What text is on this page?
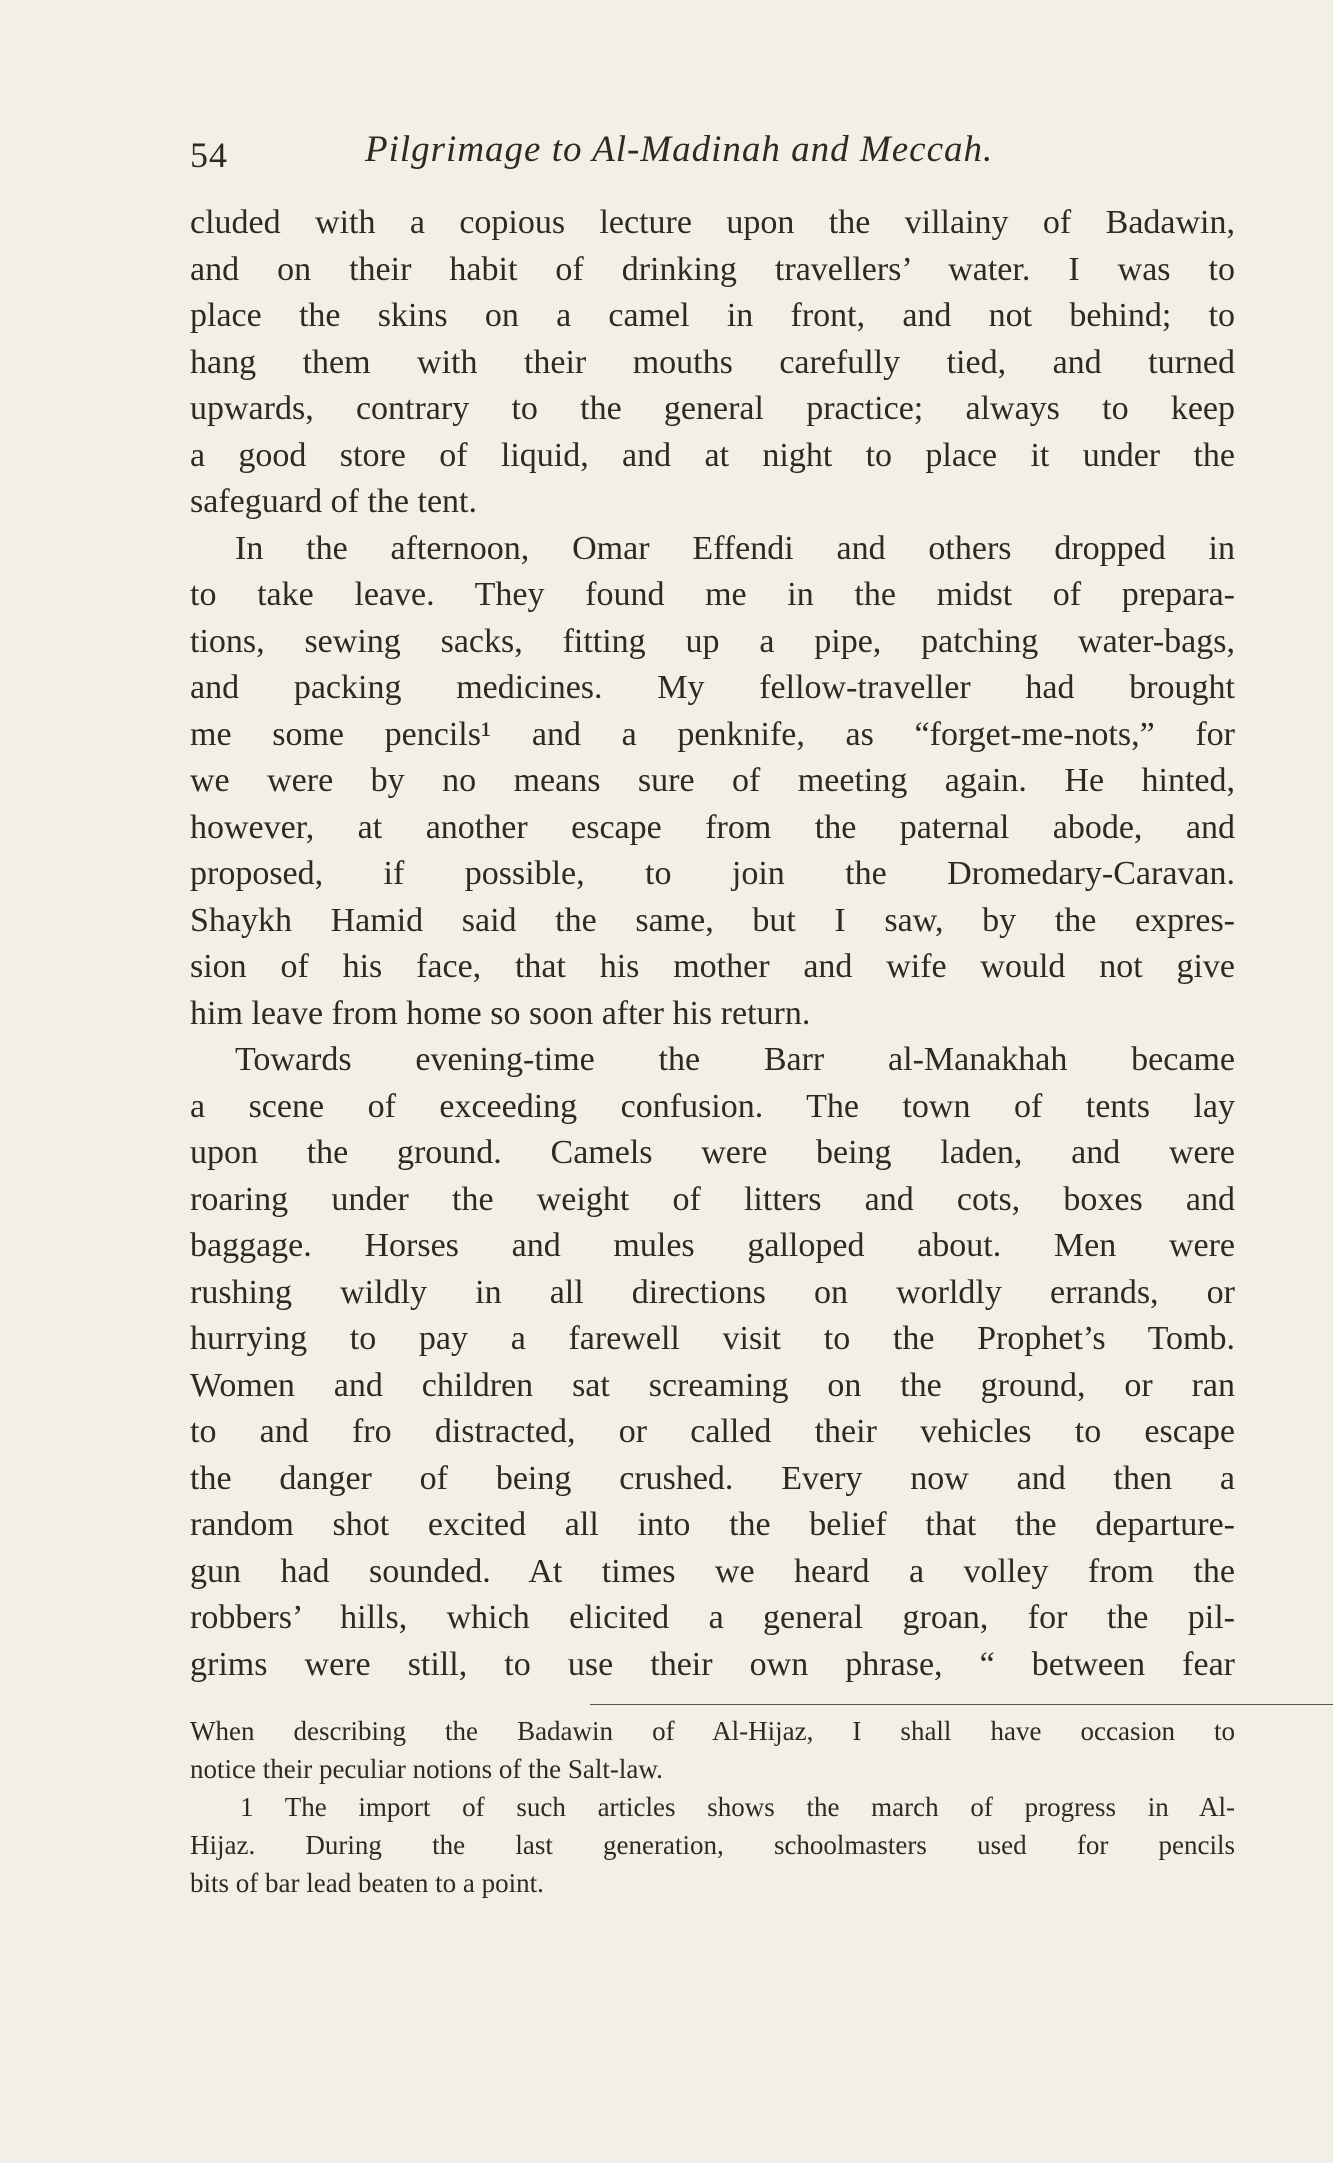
54	Pilgrimage to Al-Madinah and Meccah.
cluded with a copious lecture upon the villainy of Badawin,
and on their habit of drinking travellers’ water. I was to
place the skins on a camel in front, and not behind; to
hang them with their mouths carefully tied, and turned
upwards, contrary to the general practice; always to keep
a good store of liquid, and at night to place it under the
safeguard of the tent.
In the afternoon, Omar Effendi and others dropped in
to take leave. They found me in the midst of prepara-
tions, sewing sacks, fitting up a pipe, patching water-bags,
and packing medicines. My fellow-traveller had brought
me some pencils¹ and a penknife, as “forget-me-nots,” for
we were by no means sure of meeting again. He hinted,
however, at another escape from the paternal abode, and
proposed, if possible, to join the Dromedary-Caravan.
Shaykh Hamid said the same, but I saw, by the expres-
sion of his face, that his mother and wife would not give
him leave from home so soon after his return.
Towards evening-time the Barr al-Manakhah became
a scene of exceeding confusion. The town of tents lay
upon the ground. Camels were being laden, and were
roaring under the weight of litters and cots, boxes and
baggage. Horses and mules galloped about. Men were
rushing wildly in all directions on worldly errands, or
hurrying to pay a farewell visit to the Prophet’s Tomb.
Women and children sat screaming on the ground, or ran
to and fro distracted, or called their vehicles to escape
the danger of being crushed. Every now and then a
random shot excited all into the belief that the departure-
gun had sounded. At times we heard a volley from the
robbers’ hills, which elicited a general groan, for the pil-
grims were still, to use their own phrase, “ between fear
When describing the Badawin of Al-Hijaz, I shall have occasion to
notice their peculiar notions of the Salt-law.
1 The import of such articles shows the march of progress in Al-
Hijaz. During the last generation, schoolmasters used for pencils
bits of bar lead beaten to a point.
